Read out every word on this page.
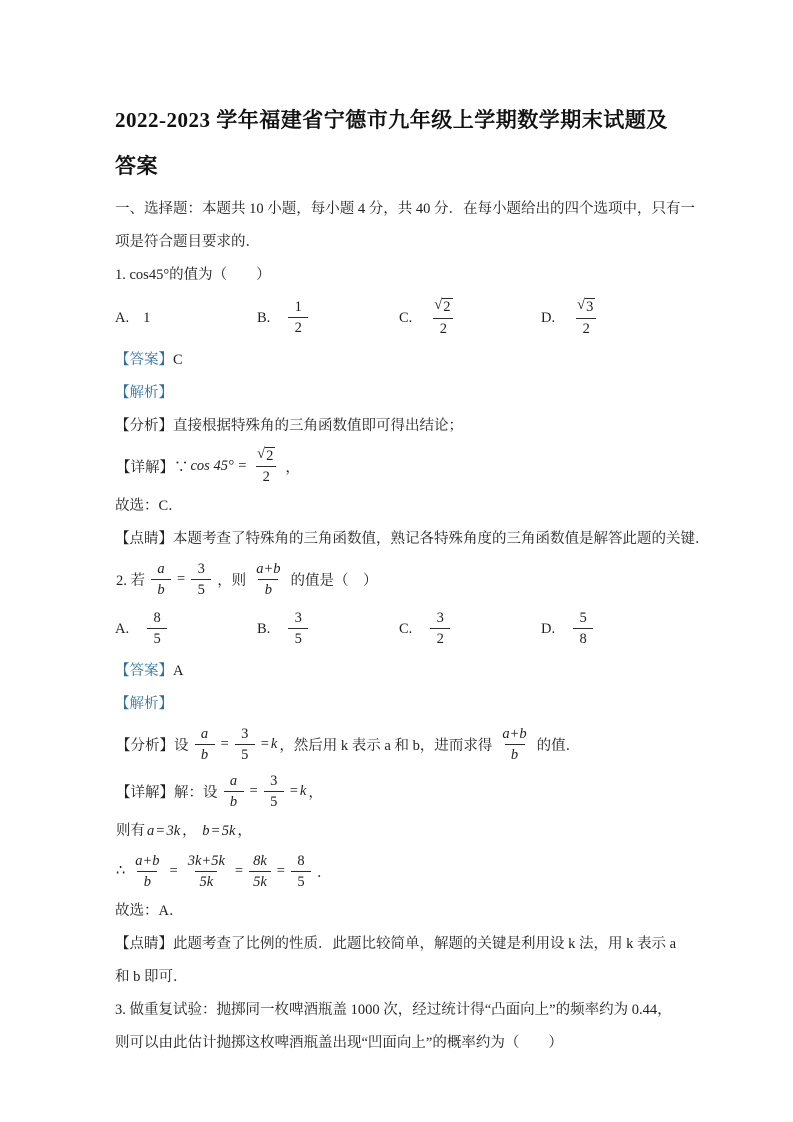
2022-2023 学年福建省宁德市九年级上学期数学期末试题及
答案
一、选择题：本题共 10 小题，每小题 4 分，共 40 分．在每小题给出的四个选项中，只有一
项是符合题目要求的．
1. cos45°的值为（　　）
A. 1	B. $\frac{1}{2}$	C. $\frac{√ 2}{2}$	D. $\frac{√ 3}{2}$
【答案】C
【解析】
【分析】直接根据特殊角的三角函数值即可得出结论；
【详解】∵ $\cos 45^\circ = \frac{√ 2}{2}$ ，
故选：C．
【点睛】本题考查了特殊角的三角函数值，熟记各特殊角度的三角函数值是解答此题的关键．
2. 若 $\frac{a}{b} = \frac{3}{5}$ ，则 $\frac{a+b}{b}$ 的值是（　）
A. $\frac{8}{5}$	B. $\frac{3}{5}$	C. $\frac{3}{2}$	D. $\frac{5}{8}$
【答案】A
【解析】
【分析】设 $\frac{a}{b} = \frac{3}{5} = k$ ，然后用 k 表示 a 和 b，进而求得 $\frac{a+b}{b}$ 的值．
【详解】解：设 $\frac{a}{b} = \frac{3}{5} = k$ ，
则有 a = 3k ， b = 5k ，
∴ $\frac{a+b}{b} = \frac{3k+5k}{5k} = \frac{8k}{5k} = \frac{8}{5}$ ．
故选：A．
【点睛】此题考查了比例的性质．此题比较简单，解题的关键是利用设 k 法，用 k 表示 a
和 b 即可．
3. 做重复试验：抛掷同一枚啤酒瓶盖 1000 次，经过统计得“凸面向上”的频率约为 0.44，
则可以由此估计抛掷这枚啤酒瓶盖出现“凹面向上”的概率约为（　　）
